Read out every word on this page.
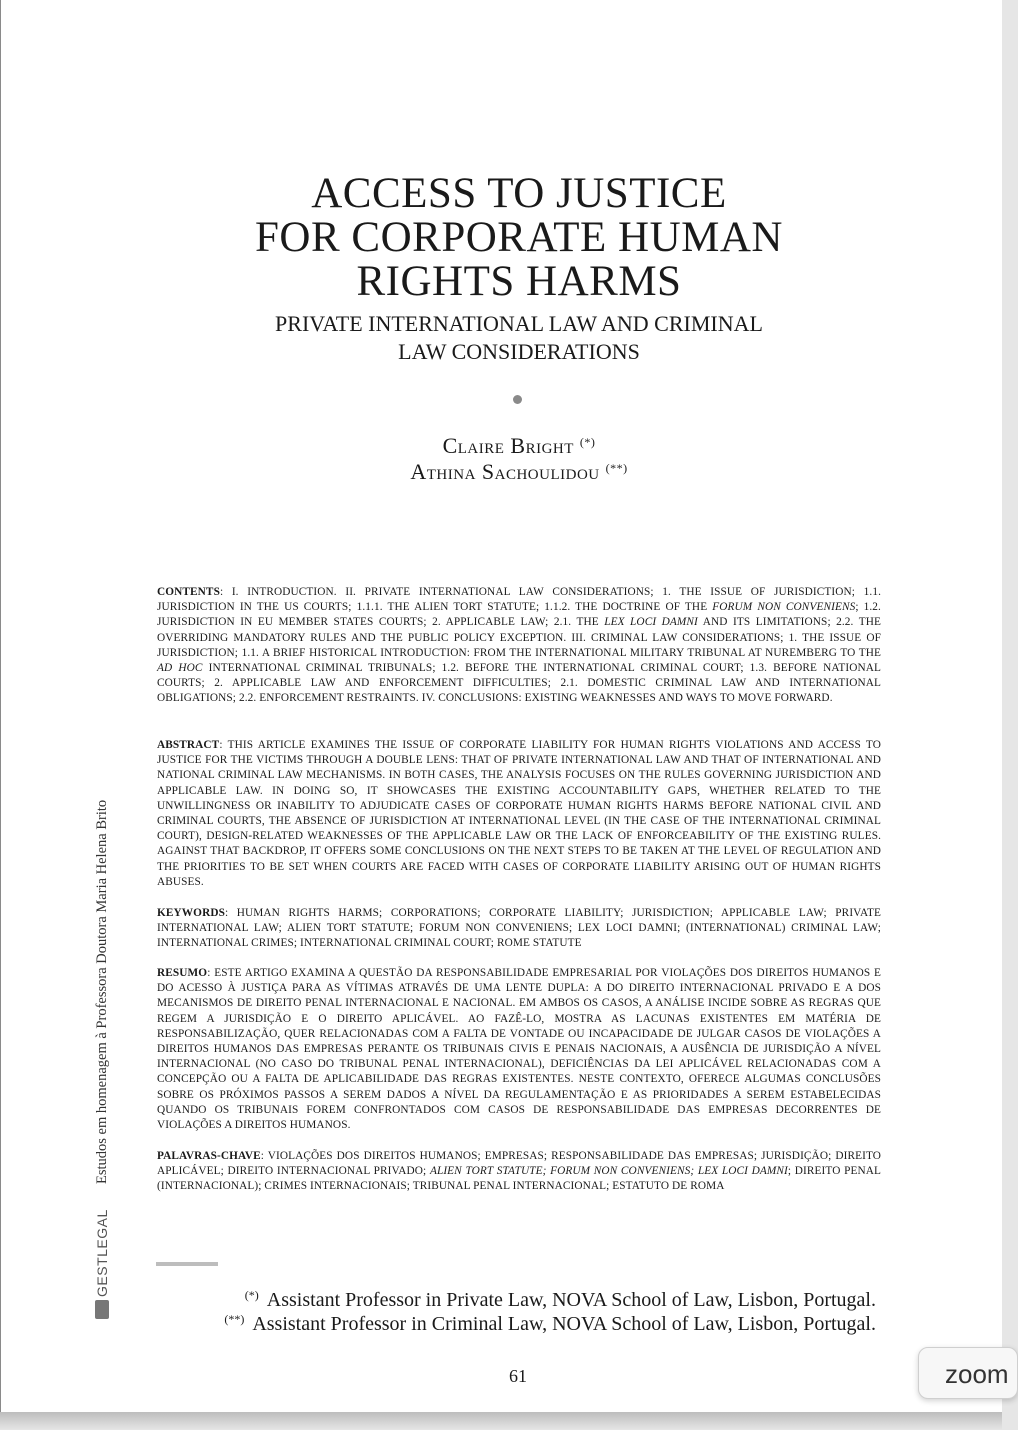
ACCESS TO JUSTICE
FOR CORPORATE HUMAN
RIGHTS HARMS
PRIVATE INTERNATIONAL LAW AND CRIMINAL
LAW CONSIDERATIONS
Claire Bright (*)
Athina Sachoulidou (**)

CONTENTS: I. INTRODUCTION. II. PRIVATE INTERNATIONAL LAW CONSIDERATIONS; 1. THE ISSUE OF JURISDICTION; 1.1. JURISDICTION IN THE US COURTS; 1.1.1. THE ALIEN TORT STATUTE; 1.1.2. THE DOCTRINE OF THE FORUM NON CONVENIENS; 1.2. JURISDICTION IN EU MEMBER STATES COURTS; 2. APPLICABLE LAW; 2.1. THE LEX LOCI DAMNI AND ITS LIMITATIONS; 2.2. THE OVERRIDING MANDATORY RULES AND THE PUBLIC POLICY EXCEPTION. III. CRIMINAL LAW CONSIDERATIONS; 1. THE ISSUE OF JURISDICTION; 1.1. A BRIEF HISTORICAL INTRODUCTION: FROM THE INTERNATIONAL MILITARY TRIBUNAL AT NUREMBERG TO THE AD HOC INTERNATIONAL CRIMINAL TRIBUNALS; 1.2. BEFORE THE INTERNATIONAL CRIMINAL COURT; 1.3. BEFORE NATIONAL COURTS; 2. APPLICABLE LAW AND ENFORCEMENT DIFFICULTIES; 2.1. DOMESTIC CRIMINAL LAW AND INTERNATIONAL OBLIGATIONS; 2.2. ENFORCEMENT RESTRAINTS. IV. CONCLUSIONS: EXISTING WEAKNESSES AND WAYS TO MOVE FORWARD.

ABSTRACT: THIS ARTICLE EXAMINES THE ISSUE OF CORPORATE LIABILITY FOR HUMAN RIGHTS VIOLATIONS AND ACCESS TO JUSTICE FOR THE VICTIMS THROUGH A DOUBLE LENS: THAT OF PRIVATE INTERNATIONAL LAW AND THAT OF INTERNATIONAL AND NATIONAL CRIMINAL LAW MECHANISMS. IN BOTH CASES, THE ANALYSIS FOCUSES ON THE RULES GOVERNING JURISDICTION AND APPLICABLE LAW. IN DOING SO, IT SHOWCASES THE EXISTING ACCOUNTABILITY GAPS, WHETHER RELATED TO THE UNWILLINGNESS OR INABILITY TO ADJUDICATE CASES OF CORPORATE HUMAN RIGHTS HARMS BEFORE NATIONAL CIVIL AND CRIMINAL COURTS, THE ABSENCE OF JURISDICTION AT INTERNATIONAL LEVEL (IN THE CASE OF THE INTERNATIONAL CRIMINAL COURT), DESIGN-RELATED WEAKNESSES OF THE APPLICABLE LAW OR THE LACK OF ENFORCEABILITY OF THE EXISTING RULES. AGAINST THAT BACKDROP, IT OFFERS SOME CONCLUSIONS ON THE NEXT STEPS TO BE TAKEN AT THE LEVEL OF REGULATION AND THE PRIORITIES TO BE SET WHEN COURTS ARE FACED WITH CASES OF CORPORATE LIABILITY ARISING OUT OF HUMAN RIGHTS ABUSES.

KEYWORDS: HUMAN RIGHTS HARMS; CORPORATIONS; CORPORATE LIABILITY; JURISDICTION; APPLICABLE LAW; PRIVATE INTERNATIONAL LAW; ALIEN TORT STATUTE; FORUM NON CONVENIENS; LEX LOCI DAMNI; (INTERNATIONAL) CRIMINAL LAW; INTERNATIONAL CRIMES; INTERNATIONAL CRIMINAL COURT; ROME STATUTE

RESUMO: ESTE ARTIGO EXAMINA A QUESTÃO DA RESPONSABILIDADE EMPRESARIAL POR VIOLAÇÕES DOS DIREITOS HUMANOS E DO ACESSO À JUSTIÇA PARA AS VÍTIMAS ATRAVÉS DE UMA LENTE DUPLA: A DO DIREITO INTERNACIONAL PRIVADO E A DOS MECANISMOS DE DIREITO PENAL INTERNACIONAL E NACIONAL. EM AMBOS OS CASOS, A ANÁLISE INCIDE SOBRE AS REGRAS QUE REGEM A JURISDIÇÃO E O DIREITO APLICÁVEL. AO FAZÊ-LO, MOSTRA AS LACUNAS EXISTENTES EM MATÉRIA DE RESPONSABILIZAÇÃO, QUER RELACIONADAS COM A FALTA DE VONTADE OU INCAPACIDADE DE JULGAR CASOS DE VIOLAÇÕES A DIREITOS HUMANOS DAS EMPRESAS PERANTE OS TRIBUNAIS CIVIS E PENAIS NACIONAIS, A AUSÊNCIA DE JURISDIÇÃO A NÍVEL INTERNACIONAL (NO CASO DO TRIBUNAL PENAL INTERNACIONAL), DEFICIÊNCIAS DA LEI APLICÁVEL RELACIONADAS COM A CONCEPÇÃO OU A FALTA DE APLICABILIDADE DAS REGRAS EXISTENTES. NESTE CONTEXTO, OFERECE ALGUMAS CONCLUSÕES SOBRE OS PRÓXIMOS PASSOS A SEREM DADOS A NÍVEL DA REGULAMENTAÇÃO E AS PRIORIDADES A SEREM ESTABELECIDAS QUANDO OS TRIBUNAIS FOREM CONFRONTADOS COM CASOS DE RESPONSABILIDADE DAS EMPRESAS DECORRENTES DE VIOLAÇÕES A DIREITOS HUMANOS.

PALAVRAS-CHAVE: VIOLAÇÕES DOS DIREITOS HUMANOS; EMPRESAS; RESPONSABILIDADE DAS EMPRESAS; JURISDIÇÃO; DIREITO APLICÁVEL; DIREITO INTERNACIONAL PRIVADO; ALIEN TORT STATUTE; FORUM NON CONVENIENS; LEX LOCI DAMNI; DIREITO PENAL (INTERNACIONAL); CRIMES INTERNACIONAIS; TRIBUNAL PENAL INTERNACIONAL; ESTATUTO DE ROMA

(*) Assistant Professor in Private Law, NOVA School of Law, Lisbon, Portugal.
(**) Assistant Professor in Criminal Law, NOVA School of Law, Lisbon, Portugal.
61
Estudos em homenagem à Professora Doutora Maria Helena Brito
GESTLEGAL
zoom
